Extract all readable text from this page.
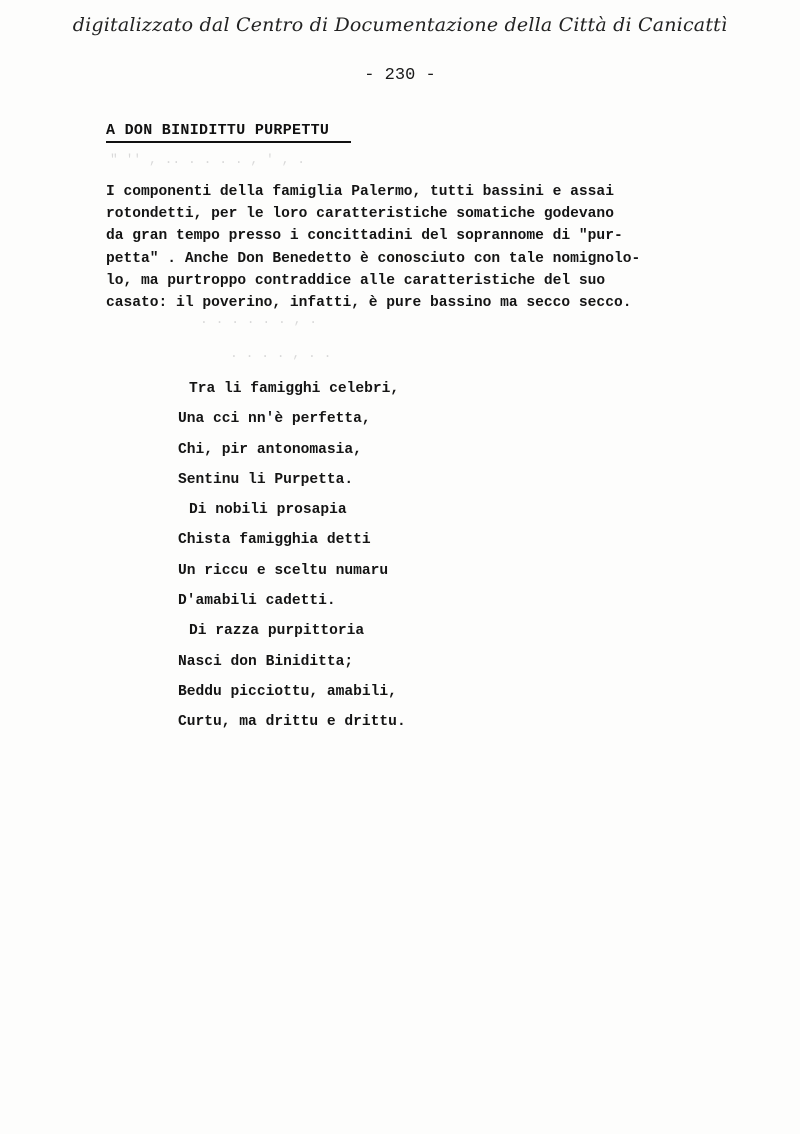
" '' , .. . . . . , ' , .
. . . . . . , .
. . . . , . .
digitalizzato dal Centro di Documentazione della Città di Canicattì
- 230 -
A DON BINIDITTU PURPETTU
I componenti della famiglia Palermo, tutti bassini e assai
rotondetti, per le loro caratteristiche somatiche godevano
da gran tempo presso i concittadini del soprannome di "pur-
petta" . Anche Don Benedetto è conosciuto con tale nomignolo-
lo, ma purtroppo contraddice alle caratteristiche del suo
casato: il poverino, infatti, è pure bassino ma secco secco.
Tra li famigghi celebri,
Una cci nn'è perfetta,
Chi, pir antonomasia,
Sentinu li Purpetta.
Di nobili prosapia
Chista famigghia detti
Un riccu e sceltu numaru
D'amabili cadetti.
Di razza purpittoria
Nasci don Biniditta;
Beddu picciottu, amabili,
Curtu, ma drittu e drittu.
